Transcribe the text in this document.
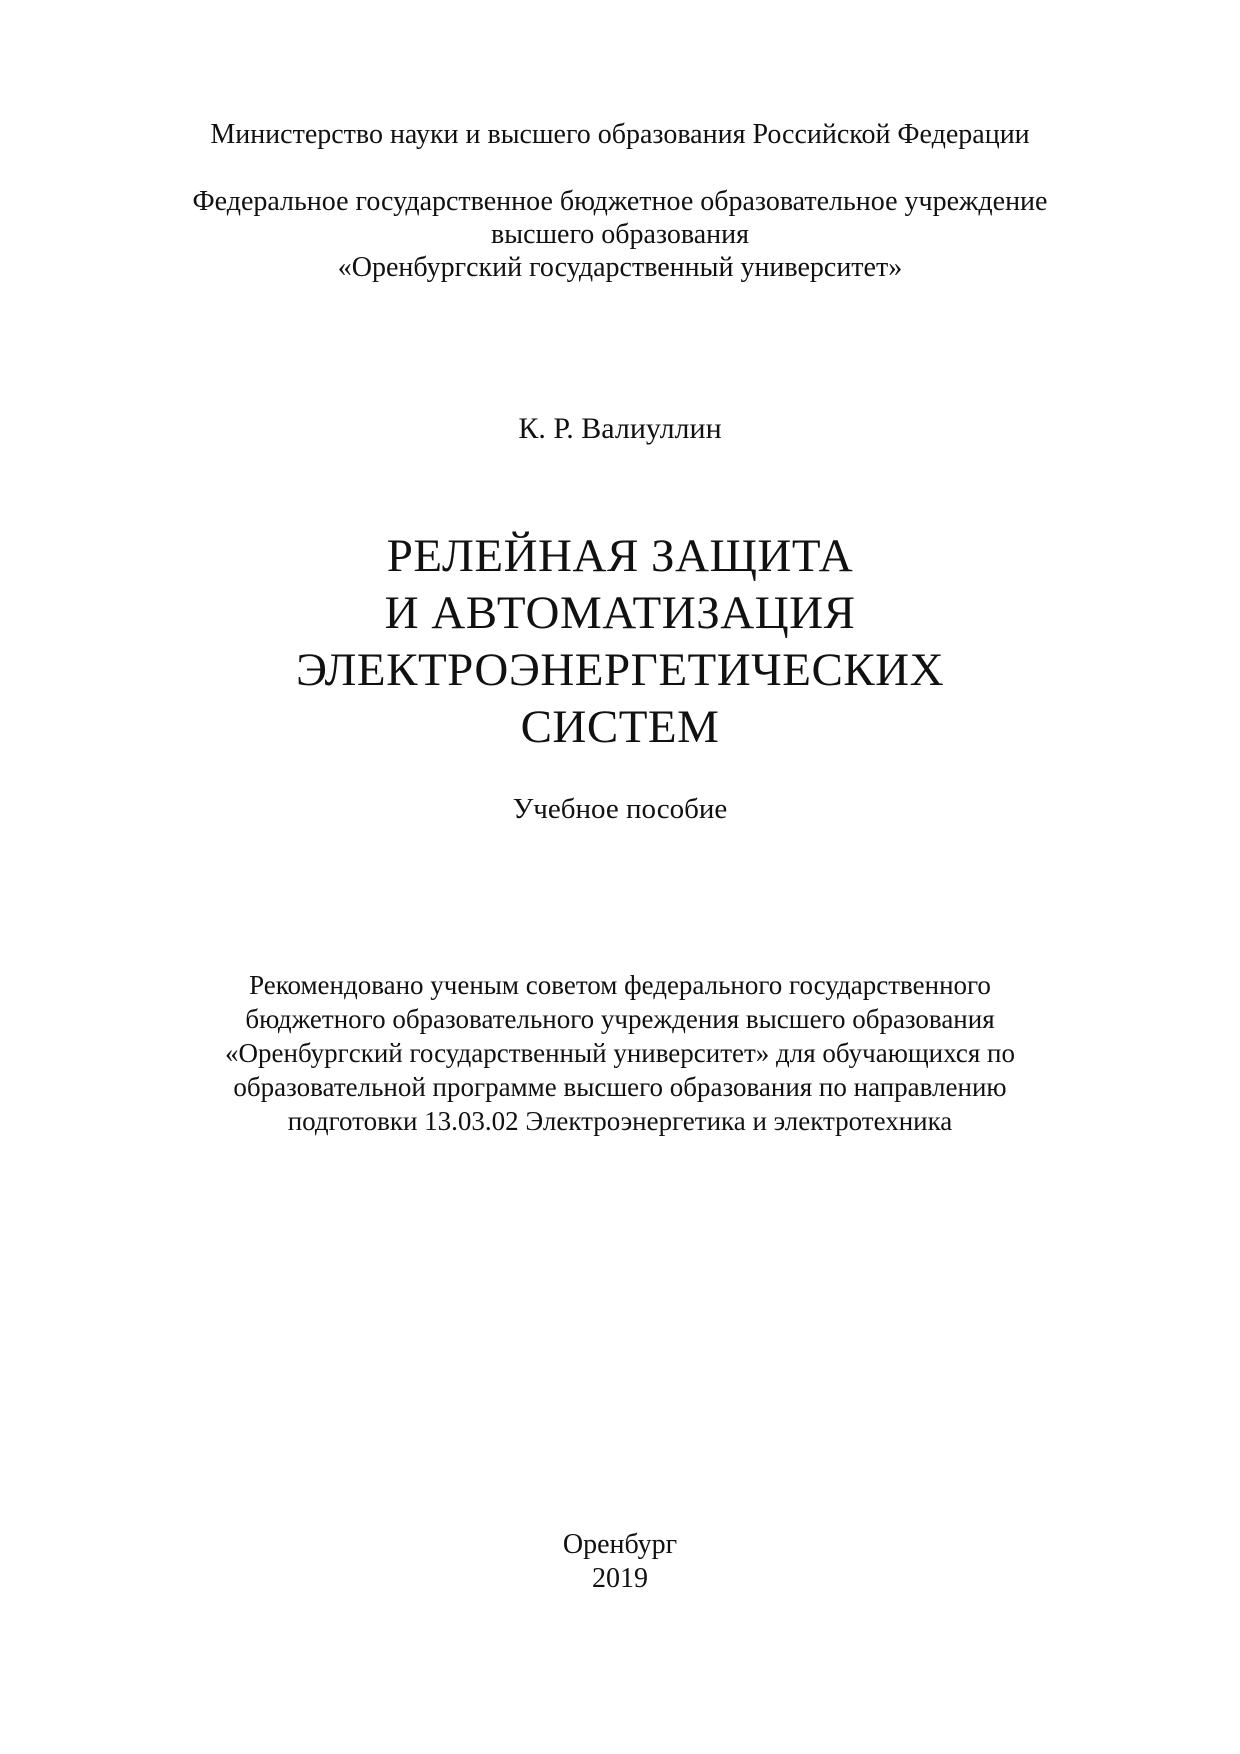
Министерство науки и высшего образования Российской Федерации
Федеральное государственное бюджетное образовательное учреждение
высшего образования
«Оренбургский государственный университет»
К. Р. Валиуллин
РЕЛЕЙНАЯ ЗАЩИТА
И АВТОМАТИЗАЦИЯ
ЭЛЕКТРОЭНЕРГЕТИЧЕСКИХ
СИСТЕМ
Учебное пособие
Рекомендовано ученым советом федерального государственного
бюджетного образовательного учреждения высшего образования
«Оренбургский государственный университет» для обучающихся по
образовательной программе высшего образования по направлению
подготовки 13.03.02 Электроэнергетика и электротехника
Оренбург
2019
